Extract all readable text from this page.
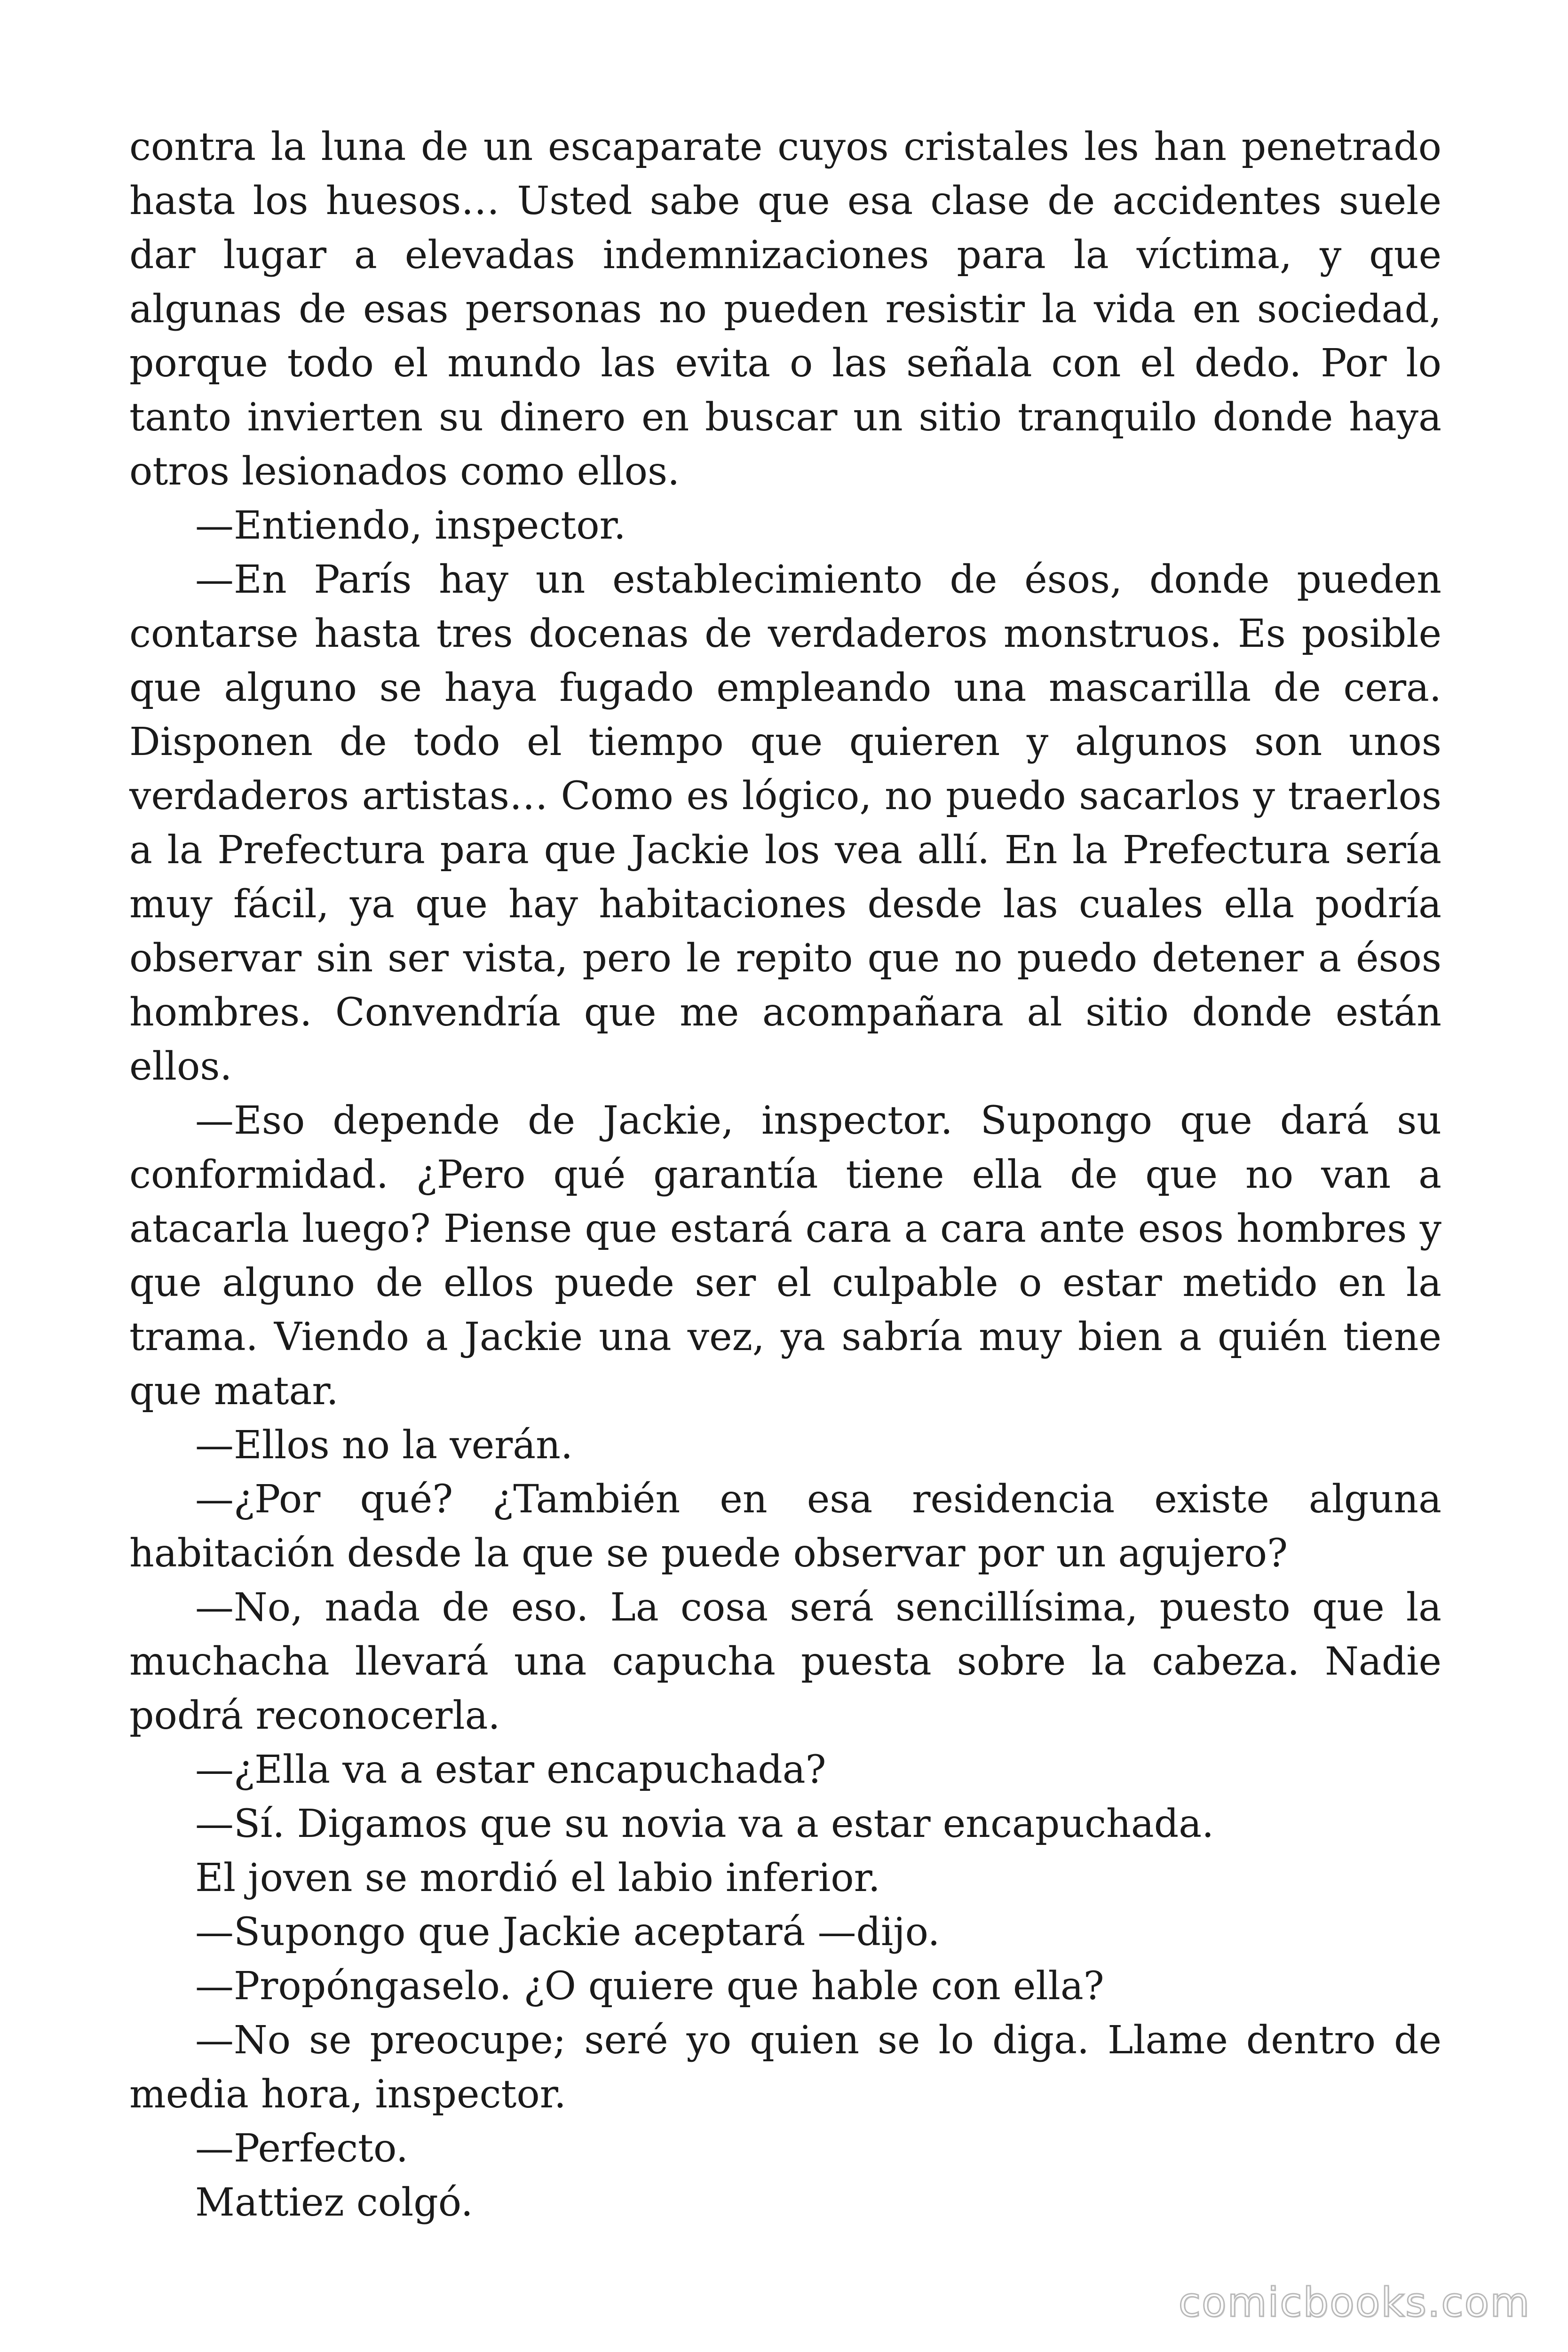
contra la luna de un escaparate cuyos cristales les han penetrado hasta los huesos… Usted sabe que esa clase de accidentes suele dar lugar a elevadas indemnizaciones para la víctima, y que algunas de esas personas no pueden resistir la vida en sociedad, porque todo el mundo las evita o las señala con el dedo. Por lo tanto invierten su dinero en buscar un sitio tranquilo donde haya otros lesionados como ellos.

—Entiendo, inspector.

—En París hay un establecimiento de ésos, donde pueden contarse hasta tres docenas de verdaderos monstruos. Es posible que alguno se haya fugado empleando una mascarilla de cera. Disponen de todo el tiempo que quieren y algunos son unos verdaderos artistas… Como es lógico, no puedo sacarlos y traerlos a la Prefectura para que Jackie los vea allí. En la Prefectura sería muy fácil, ya que hay habitaciones desde las cuales ella podría observar sin ser vista, pero le repito que no puedo detener a ésos hombres. Convendría que me acompañara al sitio donde están ellos.

—Eso depende de Jackie, inspector. Supongo que dará su conformidad. ¿Pero qué garantía tiene ella de que no van a atacarla luego? Piense que estará cara a cara ante esos hombres y que alguno de ellos puede ser el culpable o estar metido en la trama. Viendo a Jackie una vez, ya sabría muy bien a quién tiene que matar.

—Ellos no la verán.

—¿Por qué? ¿También en esa residencia existe alguna habitación desde la que se puede observar por un agujero?

—No, nada de eso. La cosa será sencillísima, puesto que la muchacha llevará una capucha puesta sobre la cabeza. Nadie podrá reconocerla.

—¿Ella va a estar encapuchada?

—Sí. Digamos que su novia va a estar encapuchada.

El joven se mordió el labio inferior.

—Supongo que Jackie aceptará —dijo.

—Propóngaselo. ¿O quiere que hable con ella?

—No se preocupe; seré yo quien se lo diga. Llame dentro de media hora, inspector.

—Perfecto.

Mattiez colgó.

comicbooks.com
